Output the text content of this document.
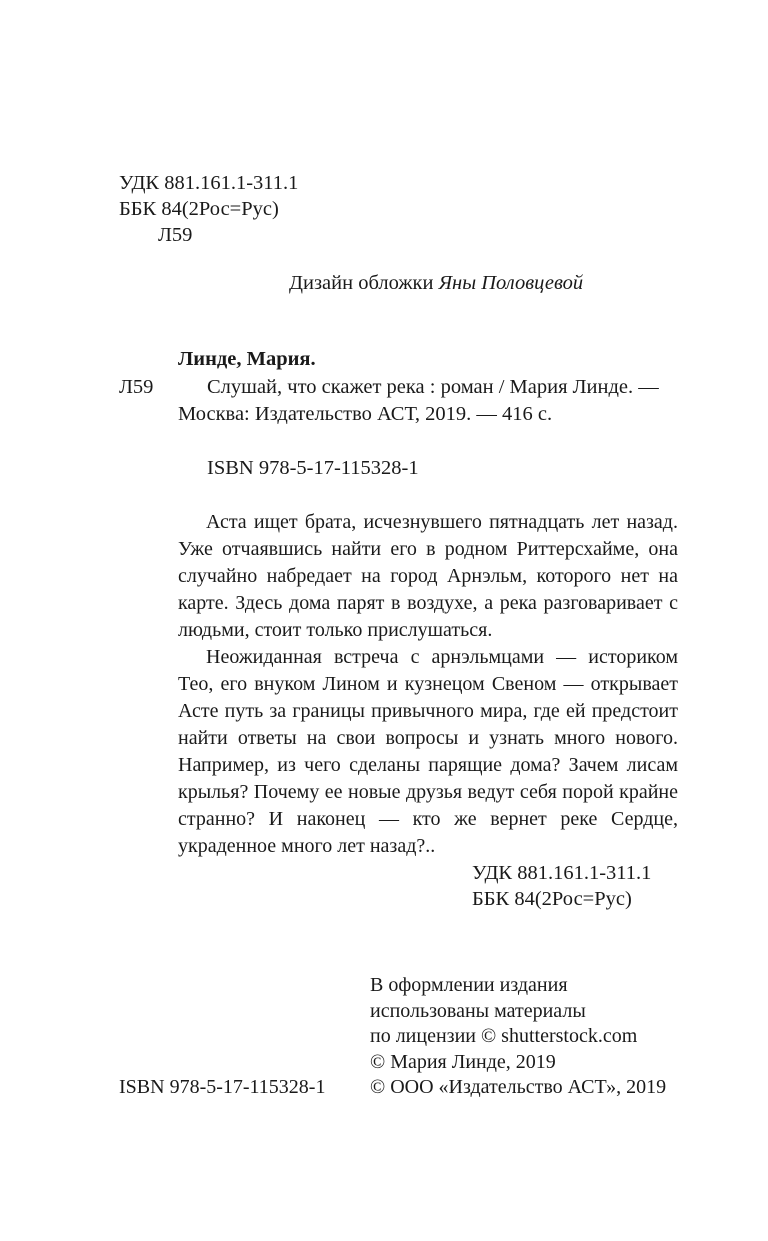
УДК 881.161.1-311.1
ББК 84(2Рос=Рус)
Л59
Дизайн обложки Яны Половцевой
Линде, Мария.
Л59	Слушай, что скажет река : роман / Мария Линде. —
Москва: Издательство АСТ, 2019. — 416 с.
ISBN 978-5-17-115328-1
Аста ищет брата, исчезнувшего пятнадцать лет назад. Уже отчаявшись найти его в родном Риттерсхайме, она случайно набредает на город Арнэльм, которого нет на карте. Здесь дома парят в воздухе, а река разговаривает с людьми, стоит только прислушаться.
Неожиданная встреча с арнэльмцами — историком Тео, его внуком Лином и кузнецом Свеном — открывает Асте путь за границы привычного мира, где ей предстоит найти ответы на свои вопросы и узнать много нового. Например, из чего сделаны парящие дома? Зачем лисам крылья? Почему ее новые друзья ведут себя порой крайне странно? И наконец — кто же вернет реке Сердце, украденное много лет назад?..
УДК 881.161.1-311.1
ББК 84(2Рос=Рус)
В оформлении издания
использованы материалы
по лицензии © shutterstock.com
© Мария Линде, 2019
© ООО «Издательство АСТ», 2019
ISBN 978-5-17-115328-1
